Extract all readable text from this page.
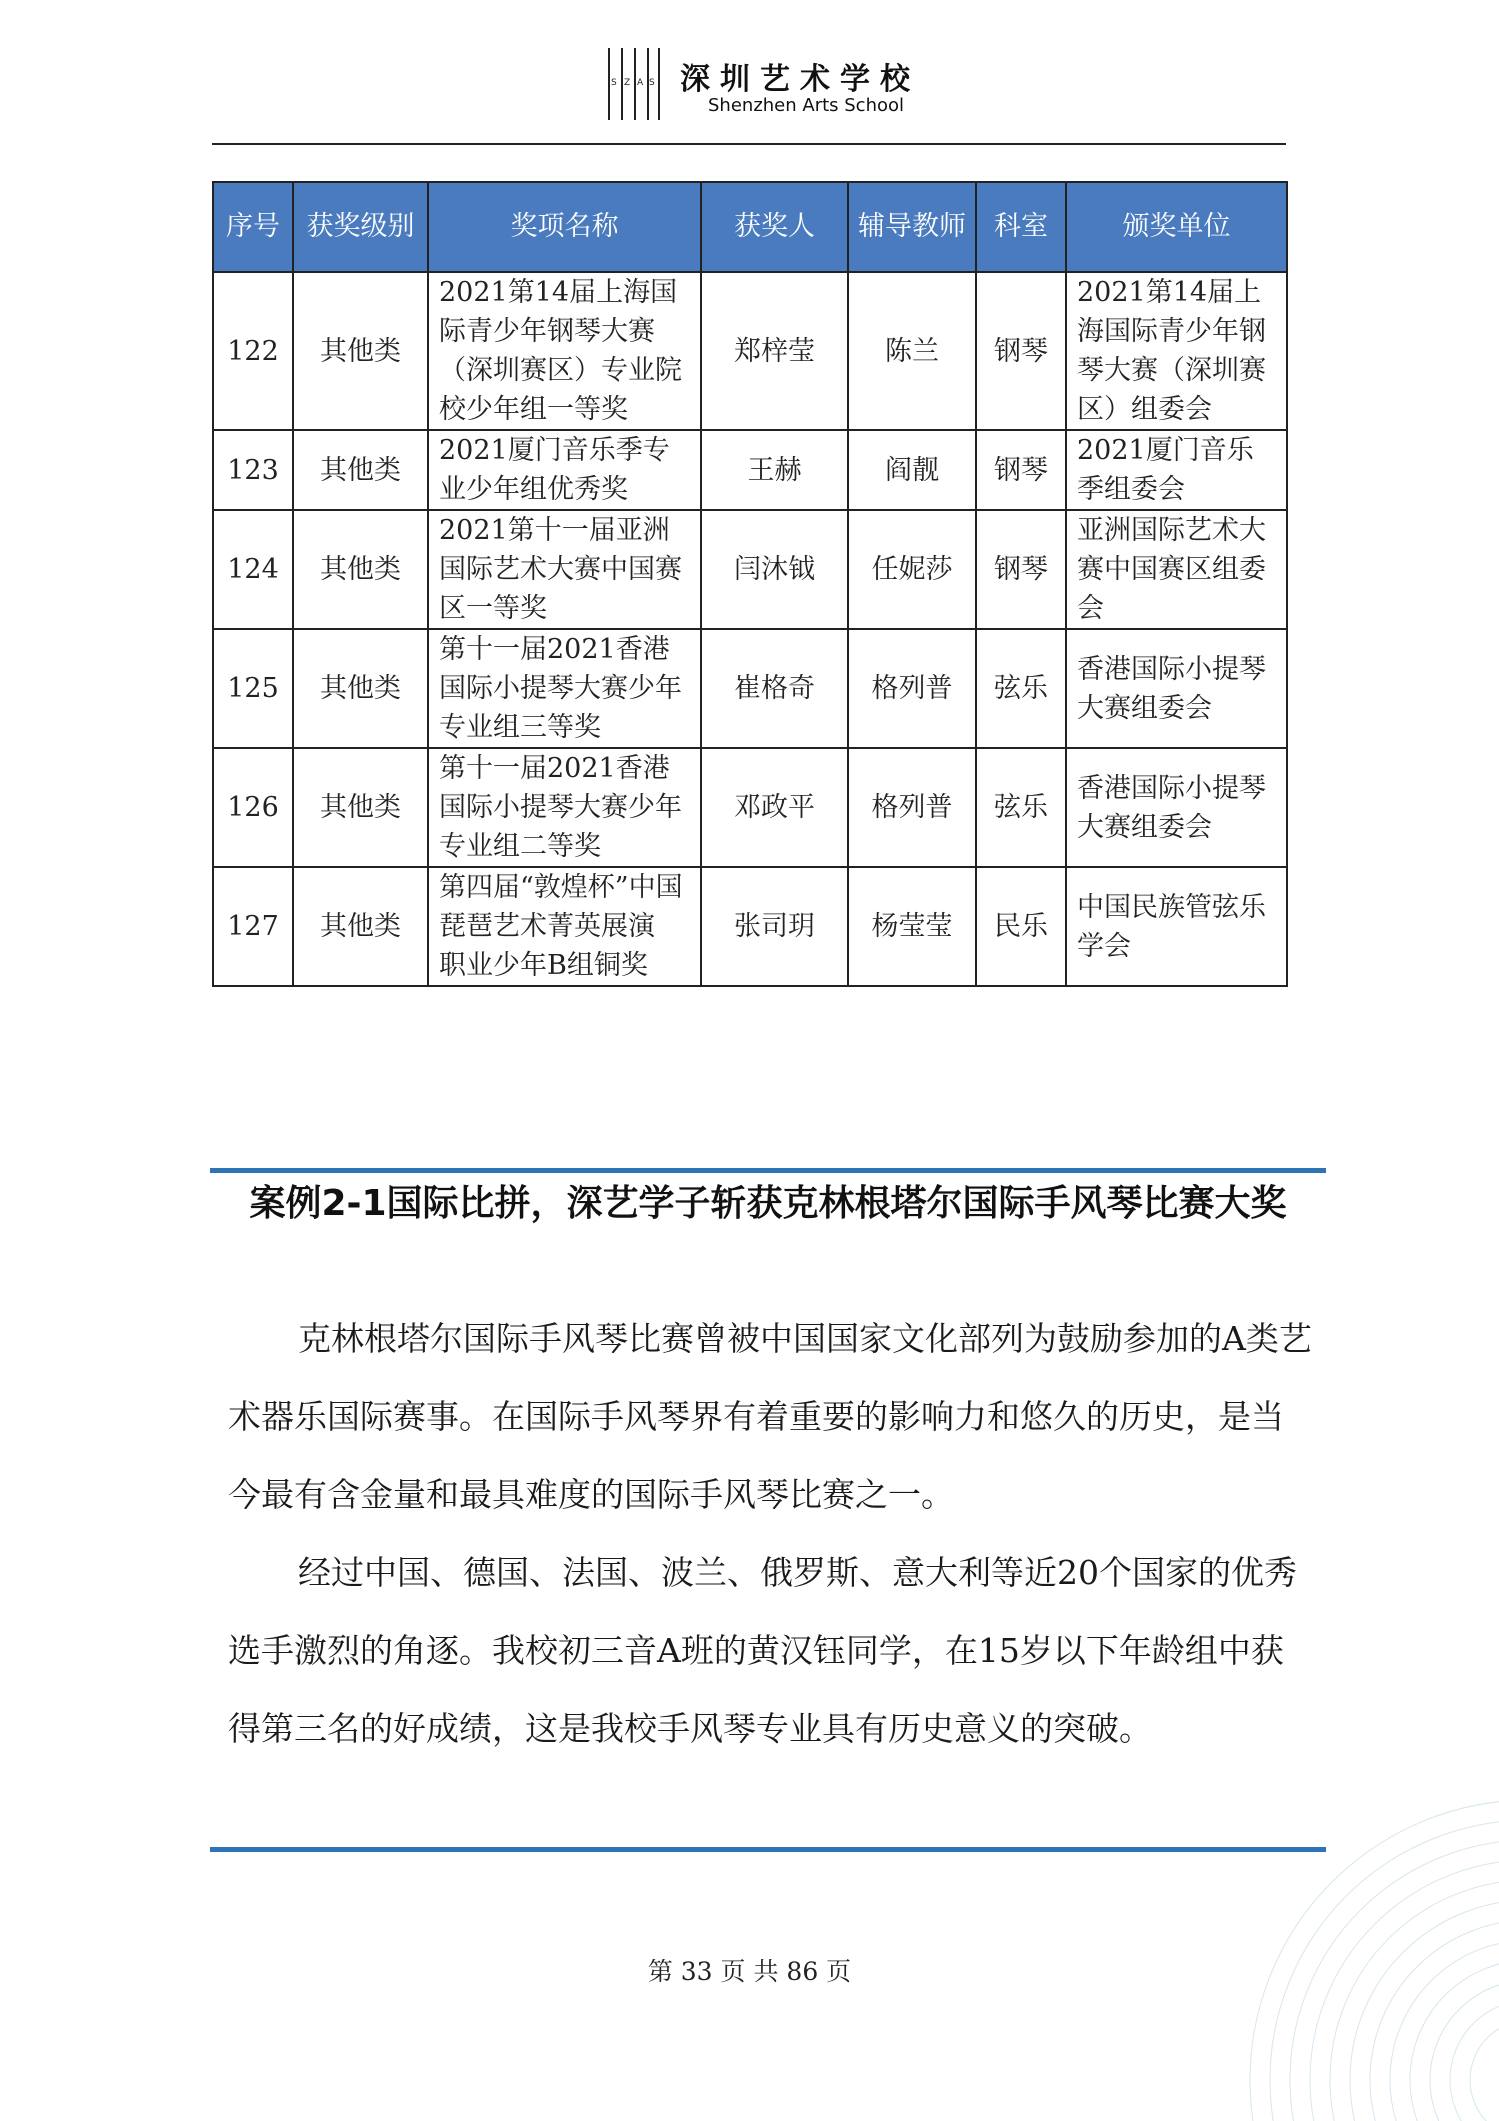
S Z A S 深圳艺术学校
Shenzhen Arts School
序号	获奖级别	奖项名称	获奖人	辅导教师	科室	颁奖单位
122	其他类	2021第14届上海国际青少年钢琴大赛（深圳赛区）专业院校少年组一等奖	郑梓莹	陈兰	钢琴	2021第14届上海国际青少年钢琴大赛（深圳赛区）组委会
123	其他类	2021厦门音乐季专业少年组优秀奖	王赫	阎靓	钢琴	2021厦门音乐季组委会
124	其他类	2021第十一届亚洲国际艺术大赛中国赛区一等奖	闫沐钺	任妮莎	钢琴	亚洲国际艺术大赛中国赛区组委会
125	其他类	第十一届2021香港国际小提琴大赛少年专业组三等奖	崔格奇	格列普	弦乐	香港国际小提琴大赛组委会
126	其他类	第十一届2021香港国际小提琴大赛少年专业组二等奖	邓政平	格列普	弦乐	香港国际小提琴大赛组委会
127	其他类	第四届“敦煌杯”中国琵琶艺术菁英展演 职业少年B组铜奖	张司玥	杨莹莹	民乐	中国民族管弦乐学会
案例2-1国际比拼，深艺学子斩获克林根塔尔国际手风琴比赛大奖

克林根塔尔国际手风琴比赛曾被中国国家文化部列为鼓励参加的A类艺术器乐国际赛事。在国际手风琴界有着重要的影响力和悠久的历史，是当今最有含金量和最具难度的国际手风琴比赛之一。

经过中国、德国、法国、波兰、俄罗斯、意大利等近20个国家的优秀选手激烈的角逐。我校初三音A班的黄汉钰同学，在15岁以下年龄组中获得第三名的好成绩，这是我校手风琴专业具有历史意义的突破。

第 33 页 共 86 页
